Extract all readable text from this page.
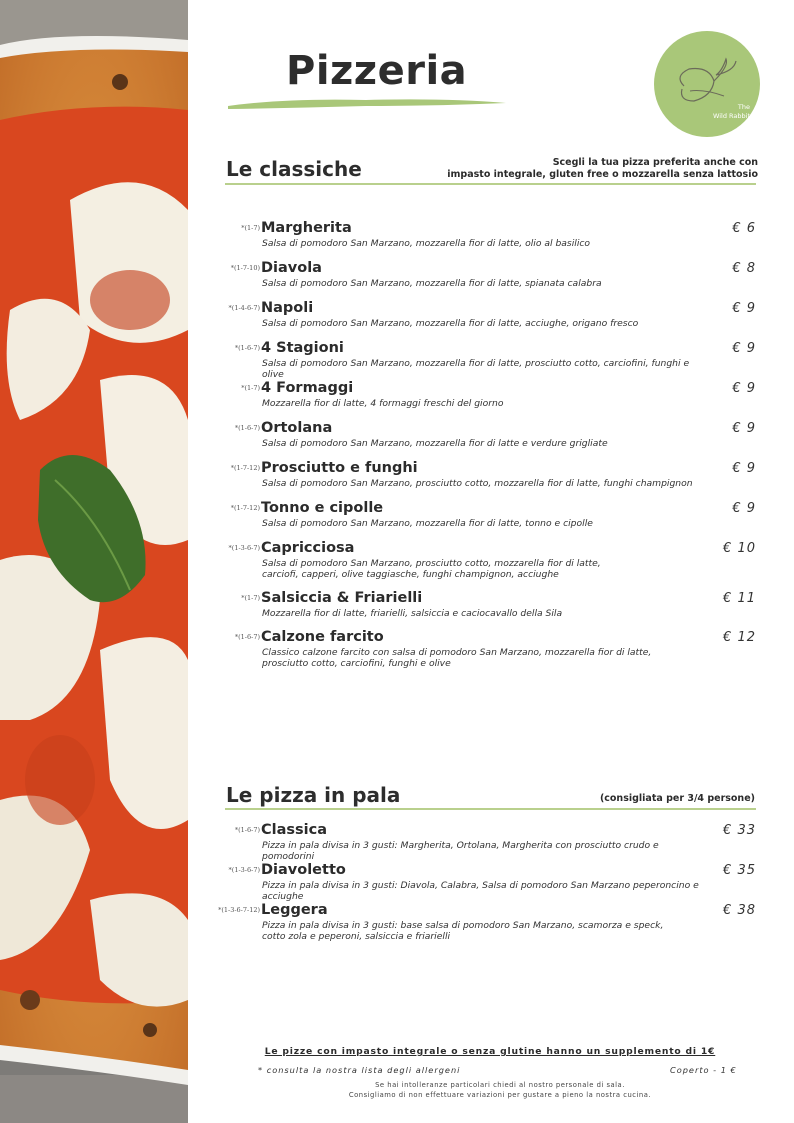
Pizzeria
The
Wild Rabbit
Le classiche	Scegli la tua pizza preferita anche con
impasto integrale, gluten free o mozzarella senza lattosio
*(1-7) Margherita	€ 6
Salsa di pomodoro San Marzano, mozzarella fior di latte, olio al basilico
*(1-7-10) Diavola	€ 8
Salsa di pomodoro San Marzano, mozzarella fior di latte, spianata calabra
*(1-4-6-7) Napoli	€ 9
Salsa di pomodoro San Marzano, mozzarella fior di latte, acciughe, origano fresco
*(1-6-7) 4 Stagioni	€ 9
Salsa di pomodoro San Marzano, mozzarella fior di latte, prosciutto cotto, carciofini, funghi e olive
*(1-7) 4 Formaggi	€ 9
Mozzarella fior di latte, 4 formaggi freschi del giorno
*(1-6-7) Ortolana	€ 9
Salsa di pomodoro San Marzano, mozzarella fior di latte e verdure grigliate
*(1-7-12) Prosciutto e funghi	€ 9
Salsa di pomodoro San Marzano, prosciutto cotto, mozzarella fior di latte, funghi champignon
*(1-7-12) Tonno e cipolle	€ 9
Salsa di pomodoro San Marzano, mozzarella fior di latte, tonno e cipolle
*(1-3-6-7) Capricciosa	€ 10
Salsa di pomodoro San Marzano, prosciutto cotto, mozzarella fior di latte,
carciofi, capperi, olive taggiasche, funghi champignon, acciughe
*(1-7) Salsiccia & Friarielli	€ 11
Mozzarella fior di latte, friarielli, salsiccia e caciocavallo della Sila
*(1-6-7) Calzone farcito	€ 12
Classico calzone farcito con salsa di pomodoro San Marzano, mozzarella fior di latte,
prosciutto cotto, carciofini, funghi e olive
Le pizza in pala	(consigliata per 3/4 persone)
*(1-6-7) Classica	€ 33
Pizza in pala divisa in 3 gusti: Margherita, Ortolana, Margherita con prosciutto crudo e pomodorini
*(1-3-6-7) Diavoletto	€ 35
Pizza in pala divisa in 3 gusti: Diavola, Calabra, Salsa di pomodoro San Marzano peperoncino e acciughe
*(1-3-6-7-12) Leggera	€ 38
Pizza in pala divisa in 3 gusti: base salsa di pomodoro San Marzano, scamorza e speck,
cotto zola e peperoni, salsiccia e friarielli
Le pizze con impasto integrale o senza glutine hanno un supplemento di 1€
* consulta la nostra lista degli allergeni	Coperto - 1 €
Se hai intolleranze particolari chiedi al nostro personale di sala.
Consigliamo di non effettuare variazioni per gustare a pieno la nostra cucina.
